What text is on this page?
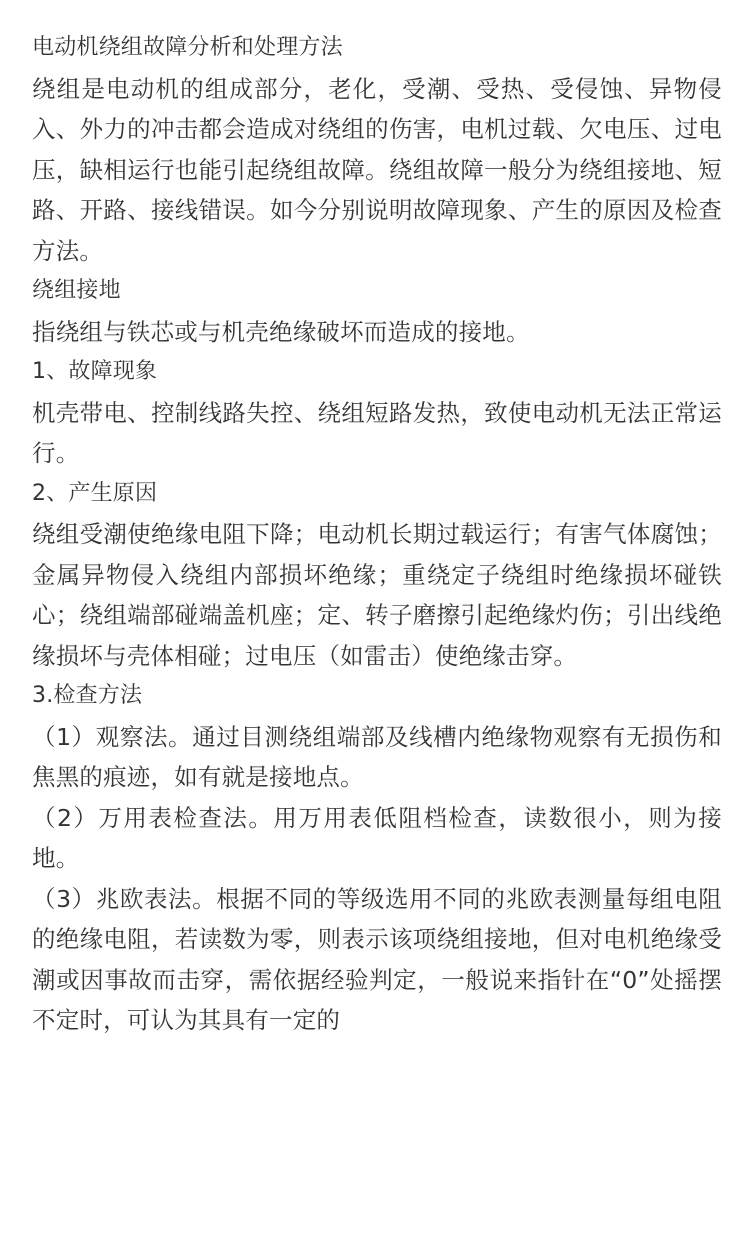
电动机绕组故障分析和处理方法

绕组是电动机的组成部分，老化，受潮、受热、受侵蚀、异物侵入、外力的冲击都会造成对绕组的伤害，电机过载、欠电压、过电压，缺相运行也能引起绕组故障。绕组故障一般分为绕组接地、短路、开路、接线错误。如今分别说明故障现象、产生的原因及检查方法。

绕组接地

指绕组与铁芯或与机壳绝缘破坏而造成的接地。

1、故障现象

机壳带电、控制线路失控、绕组短路发热，致使电动机无法正常运行。

2、产生原因

绕组受潮使绝缘电阻下降；电动机长期过载运行；有害气体腐蚀；金属异物侵入绕组内部损坏绝缘；重绕定子绕组时绝缘损坏碰铁心；绕组端部碰端盖机座；定、转子磨擦引起绝缘灼伤；引出线绝缘损坏与壳体相碰；过电压（如雷击）使绝缘击穿。

3.检查方法

（1）观察法。通过目测绕组端部及线槽内绝缘物观察有无损伤和焦黑的痕迹，如有就是接地点。

（2）万用表检查法。用万用表低阻档检查，读数很小，则为接地。

（3）兆欧表法。根据不同的等级选用不同的兆欧表测量每组电阻的绝缘电阻，若读数为零，则表示该项绕组接地，但对电机绝缘受潮或因事故而击穿，需依据经验判定，一般说来指针在“0”处摇摆不定时，可认为其具有一定的
